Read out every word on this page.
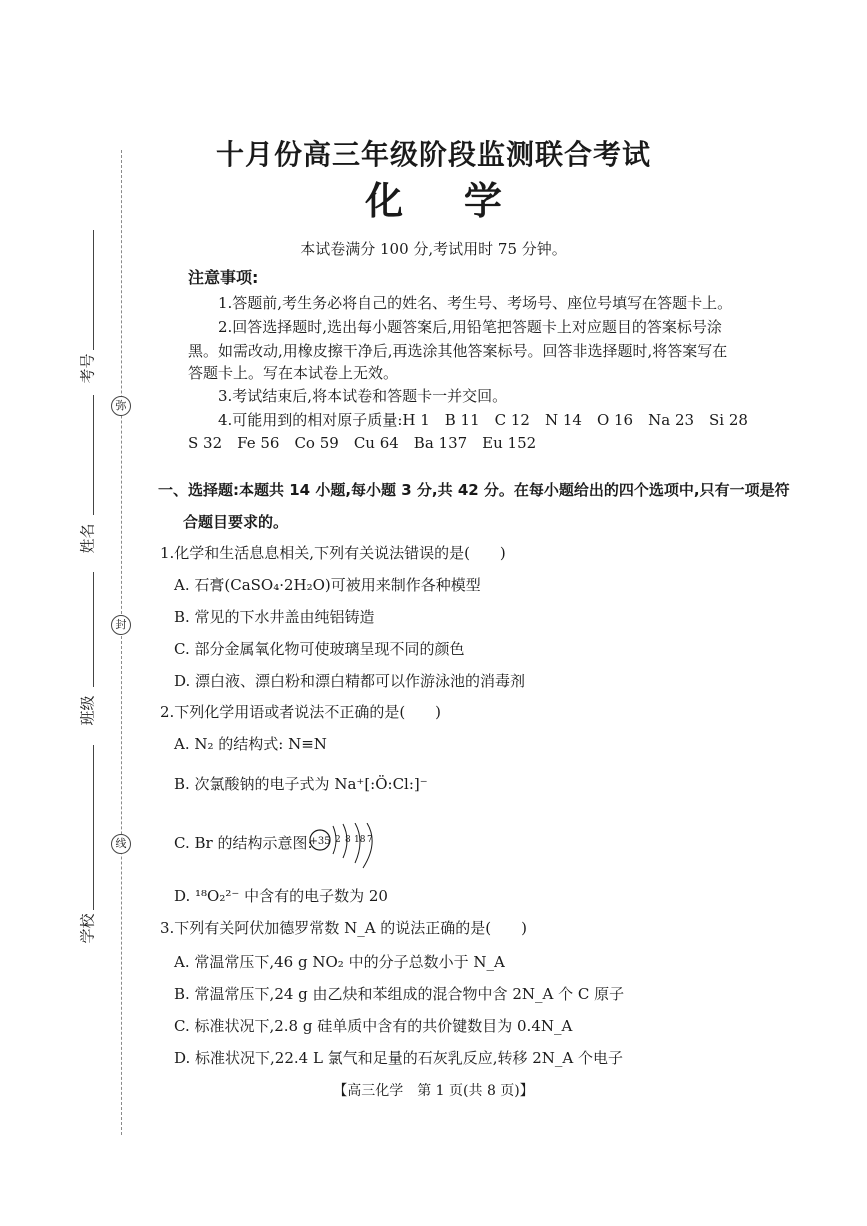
弥
封
线
考号
姓名
班级
学校
十月份高三年级阶段监测联合考试
化学
本试卷满分 100 分,考试用时 75 分钟。
注意事项:
1.答题前,考生务必将自己的姓名、考生号、考场号、座位号填写在答题卡上。
2.回答选择题时,选出每小题答案后,用铅笔把答题卡上对应题目的答案标号涂
黑。如需改动,用橡皮擦干净后,再选涂其他答案标号。回答非选择题时,将答案写在
答题卡上。写在本试卷上无效。
3.考试结束后,将本试卷和答题卡一并交回。
4.可能用到的相对原子质量:H 1　B 11　C 12　N 14　O 16　Na 23　Si 28
S 32　Fe 56　Co 59　Cu 64　Ba 137　Eu 152
一、选择题:本题共 14 小题,每小题 3 分,共 42 分。在每小题给出的四个选项中,只有一项是符
合题目要求的。
1.化学和生活息息相关,下列有关说法错误的是(　　)
A. 石膏(CaSO₄·2H₂O)可被用来制作各种模型
B. 常见的下水井盖由纯铝铸造
C. 部分金属氧化物可使玻璃呈现不同的颜色
D. 漂白液、漂白粉和漂白精都可以作游泳池的消毒剂
2.下列化学用语或者说法不正确的是(　　)
A. N₂ 的结构式: N≡N
B. 次氯酸钠的电子式为 Na⁺[:Ö:Cl:]⁻
C. Br 的结构示意图:
+35 2 8 18 7
D. ¹⁸O₂²⁻ 中含有的电子数为 20
3.下列有关阿伏加德罗常数 N_A 的说法正确的是(　　)
A. 常温常压下,46 g NO₂ 中的分子总数小于 N_A
B. 常温常压下,24 g 由乙炔和苯组成的混合物中含 2N_A 个 C 原子
C. 标准状况下,2.8 g 硅单质中含有的共价键数目为 0.4N_A
D. 标准状况下,22.4 L 氯气和足量的石灰乳反应,转移 2N_A 个电子
【高三化学　第 1 页(共 8 页)】
